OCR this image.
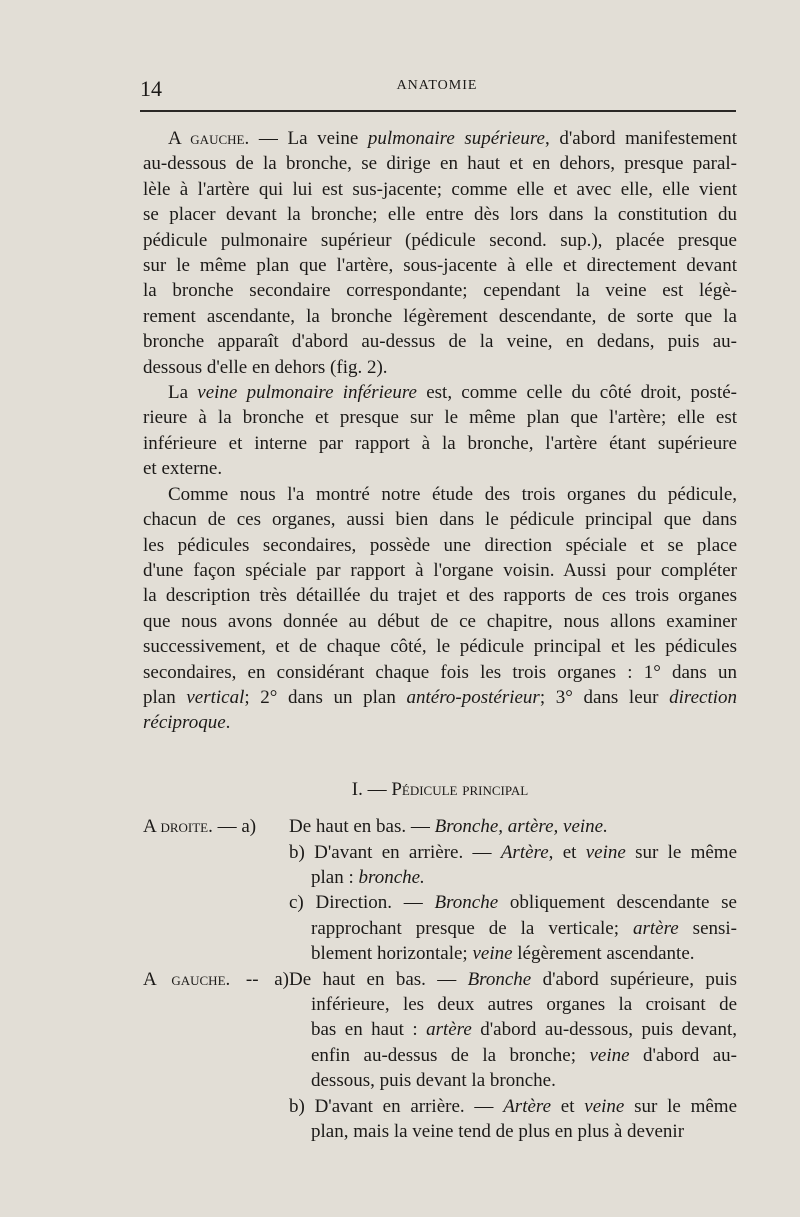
14	ANATOMIE

A gauche. — La veine pulmonaire supérieure, d'abord manifestement
au-dessous de la bronche, se dirige en haut et en dehors, presque paral-
lèle à l'artère qui lui est sus-jacente; comme elle et avec elle, elle vient
se placer devant la bronche; elle entre dès lors dans la constitution du
pédicule pulmonaire supérieur (pédicule second. sup.), placée presque
sur le même plan que l'artère, sous-jacente à elle et directement devant
la bronche secondaire correspondante; cependant la veine est légè-
rement ascendante, la bronche légèrement descendante, de sorte que la
bronche apparaît d'abord au-dessus de la veine, en dedans, puis au-
dessous d'elle en dehors (fig. 2).

La veine pulmonaire inférieure est, comme celle du côté droit, posté-
rieure à la bronche et presque sur le même plan que l'artère; elle est
inférieure et interne par rapport à la bronche, l'artère étant supérieure
et externe.

Comme nous l'a montré notre étude des trois organes du pédicule,
chacun de ces organes, aussi bien dans le pédicule principal que dans
les pédicules secondaires, possède une direction spéciale et se place
d'une façon spéciale par rapport à l'organe voisin. Aussi pour compléter
la description très détaillée du trajet et des rapports de ces trois organes
que nous avons donnée au début de ce chapitre, nous allons examiner
successivement, et de chaque côté, le pédicule principal et les pédicules
secondaires, en considérant chaque fois les trois organes : 1° dans un
plan vertical; 2° dans un plan antéro-postérieur; 3° dans leur direction
réciproque.

I. — Pédicule principal
A droite. — a)De haut en bas. — Bronche, artère, veine.
b) D'avant en arrière. — Artère, et veine sur le même
plan : bronche.
c) Direction. — Bronche obliquement descendante se
rapprochant presque de la verticale; artère sensi-
blement horizontale; veine légèrement ascendante.
A gauche. -- a)De haut en bas. — Bronche d'abord supérieure, puis
inférieure, les deux autres organes la croisant de
bas en haut : artère d'abord au-dessous, puis devant,
enfin au-dessus de la bronche; veine d'abord au-
dessous, puis devant la bronche.
b) D'avant en arrière. — Artère et veine sur le même
plan, mais la veine tend de plus en plus à devenir
